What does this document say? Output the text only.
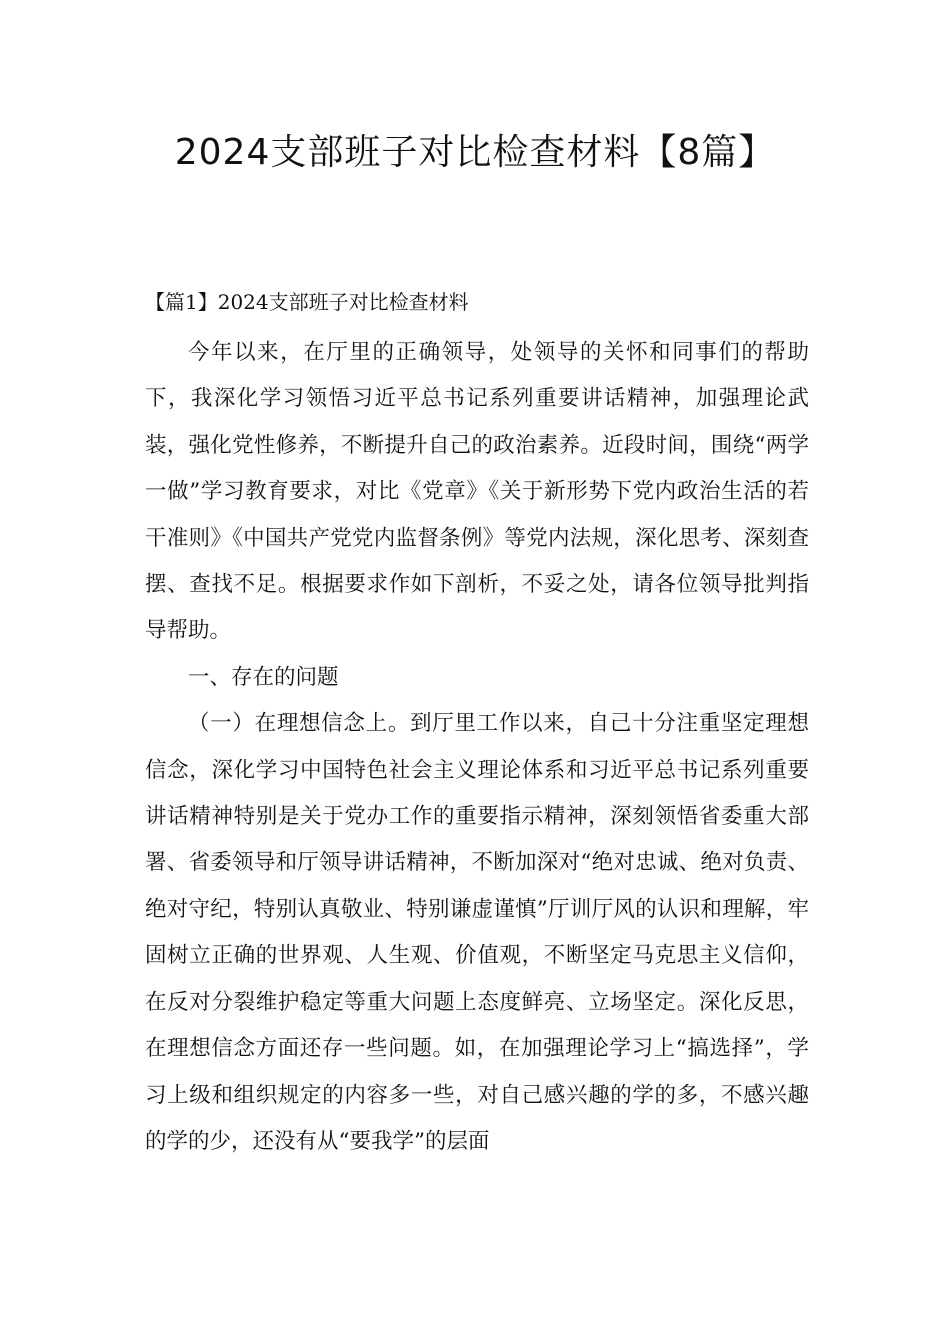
2024支部班子对比检查材料【8篇】

【篇1】2024支部班子对比检查材料

今年以来，在厅里的正确领导，处领导的关怀和同事们的帮助下，我深化学习领悟习近平总书记系列重要讲话精神，加强理论武装，强化党性修养，不断提升自己的政治素养。近段时间，围绕“两学一做”学习教育要求，对比《党章》《关于新形势下党内政治生活的若干准则》《中国共产党党内监督条例》等党内法规，深化思考、深刻查摆、查找不足。根据要求作如下剖析，不妥之处，请各位领导批判指导帮助。

一、存在的问题

（一）在理想信念上。到厅里工作以来，自己十分注重坚定理想信念，深化学习中国特色社会主义理论体系和习近平总书记系列重要讲话精神特别是关于党办工作的重要指示精神，深刻领悟省委重大部署、省委领导和厅领导讲话精神，不断加深对“绝对忠诚、绝对负责、绝对守纪，特别认真敬业、特别谦虚谨慎”厅训厅风的认识和理解，牢固树立正确的世界观、人生观、价值观，不断坚定马克思主义信仰，在反对分裂维护稳定等重大问题上态度鲜亮、立场坚定。深化反思，在理想信念方面还存一些问题。如，在加强理论学习上“搞选择”，学习上级和组织规定的内容多一些，对自己感兴趣的学的多，不感兴趣的学的少，还没有从“要我学”的层面
